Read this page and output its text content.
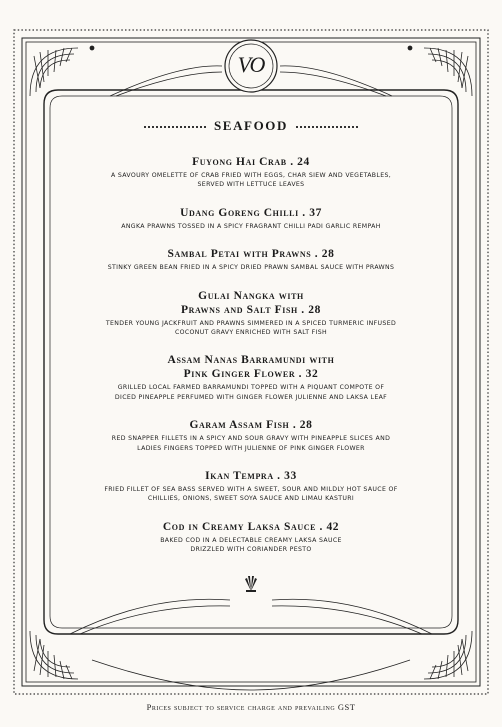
VO
SEAFOOD
Fuyong Hai Crab . 24
A SAVOURY OMELETTE OF CRAB FRIED WITH EGGS, CHAR SIEW AND VEGETABLES,
SERVED WITH LETTUCE LEAVES
Udang Goreng Chilli . 37
ANGKA PRAWNS TOSSED IN A SPICY FRAGRANT CHILLI PADI GARLIC REMPAH
Sambal Petai with Prawns . 28
STINKY GREEN BEAN FRIED IN A SPICY DRIED PRAWN SAMBAL SAUCE WITH PRAWNS
Gulai Nangka with
Prawns and Salt Fish . 28
TENDER YOUNG JACKFRUIT AND PRAWNS SIMMERED IN A SPICED TURMERIC INFUSED
COCONUT GRAVY ENRICHED WITH SALT FISH
Assam Nanas Barramundi with
Pink Ginger Flower . 32
GRILLED LOCAL FARMED BARRAMUNDI TOPPED WITH A PIQUANT COMPOTE OF
DICED PINEAPPLE PERFUMED WITH GINGER FLOWER JULIENNE AND LAKSA LEAF
Garam Assam Fish . 28
RED SNAPPER FILLETS IN A SPICY AND SOUR GRAVY WITH PINEAPPLE SLICES AND
LADIES FINGERS TOPPED WITH JULIENNE OF PINK GINGER FLOWER
Ikan Tempra . 33
FRIED FILLET OF SEA BASS SERVED WITH A SWEET, SOUR AND MILDLY HOT SAUCE OF
CHILLIES, ONIONS, SWEET SOYA SAUCE AND LIMAU KASTURI
Cod in Creamy Laksa Sauce . 42
BAKED COD IN A DELECTABLE CREAMY LAKSA SAUCE
DRIZZLED WITH CORIANDER PESTO
Prices subject to service charge and prevailing GST
